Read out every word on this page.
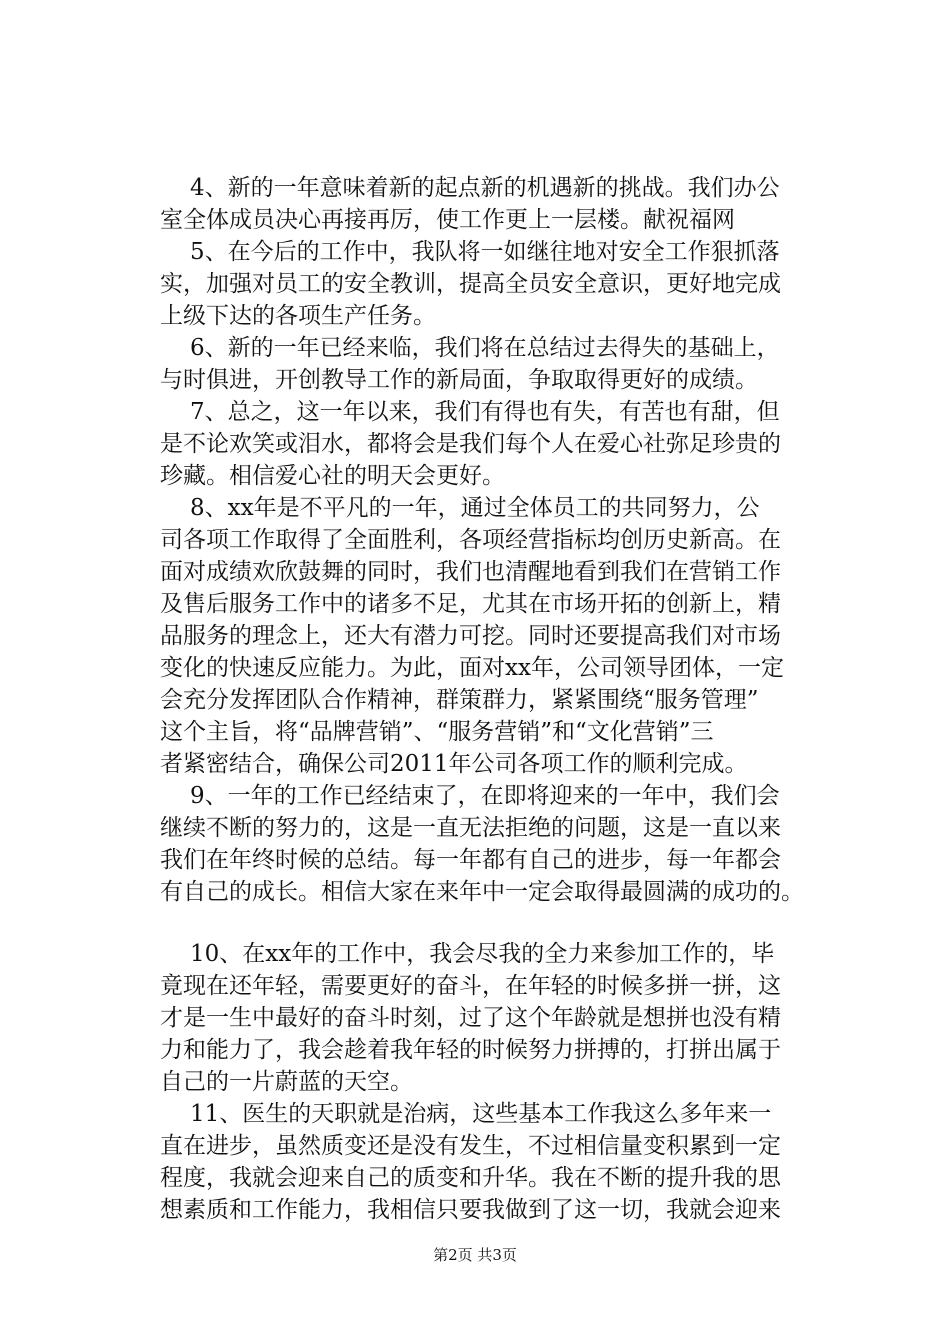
4、新的一年意味着新的起点新的机遇新的挑战。我们办公
室全体成员决心再接再厉，使工作更上一层楼。献祝福网
5、在今后的工作中，我队将一如继往地对安全工作狠抓落
实，加强对员工的安全教训，提高全员安全意识，更好地完成
上级下达的各项生产任务。
6、新的一年已经来临，我们将在总结过去得失的基础上，
与时俱进，开创教导工作的新局面，争取取得更好的成绩。
7、总之，这一年以来，我们有得也有失，有苦也有甜，但
是不论欢笑或泪水，都将会是我们每个人在爱心社弥足珍贵的
珍藏。相信爱心社的明天会更好。
8、xx年是不平凡的一年，通过全体员工的共同努力，公
司各项工作取得了全面胜利，各项经营指标均创历史新高。在
面对成绩欢欣鼓舞的同时，我们也清醒地看到我们在营销工作
及售后服务工作中的诸多不足，尤其在市场开拓的创新上，精
品服务的理念上，还大有潜力可挖。同时还要提高我们对市场
变化的快速反应能力。为此，面对xx年，公司领导团体，一定
会充分发挥团队合作精神，群策群力，紧紧围绕“服务管理”
这个主旨，将“品牌营销”、“服务营销”和“文化营销”三
者紧密结合，确保公司2011年公司各项工作的顺利完成。
9、一年的工作已经结束了，在即将迎来的一年中，我们会
继续不断的努力的，这是一直无法拒绝的问题，这是一直以来
我们在年终时候的总结。每一年都有自己的进步，每一年都会
有自己的成长。相信大家在来年中一定会取得最圆满的成功的。
10、在xx年的工作中，我会尽我的全力来参加工作的，毕
竟现在还年轻，需要更好的奋斗，在年轻的时候多拼一拼，这
才是一生中最好的奋斗时刻，过了这个年龄就是想拼也没有精
力和能力了，我会趁着我年轻的时候努力拼搏的，打拼出属于
自己的一片蔚蓝的天空。
11、医生的天职就是治病，这些基本工作我这么多年来一
直在进步，虽然质变还是没有发生，不过相信量变积累到一定
程度，我就会迎来自己的质变和升华。我在不断的提升我的思
想素质和工作能力，我相信只要我做到了这一切，我就会迎来
第2页 共3页
